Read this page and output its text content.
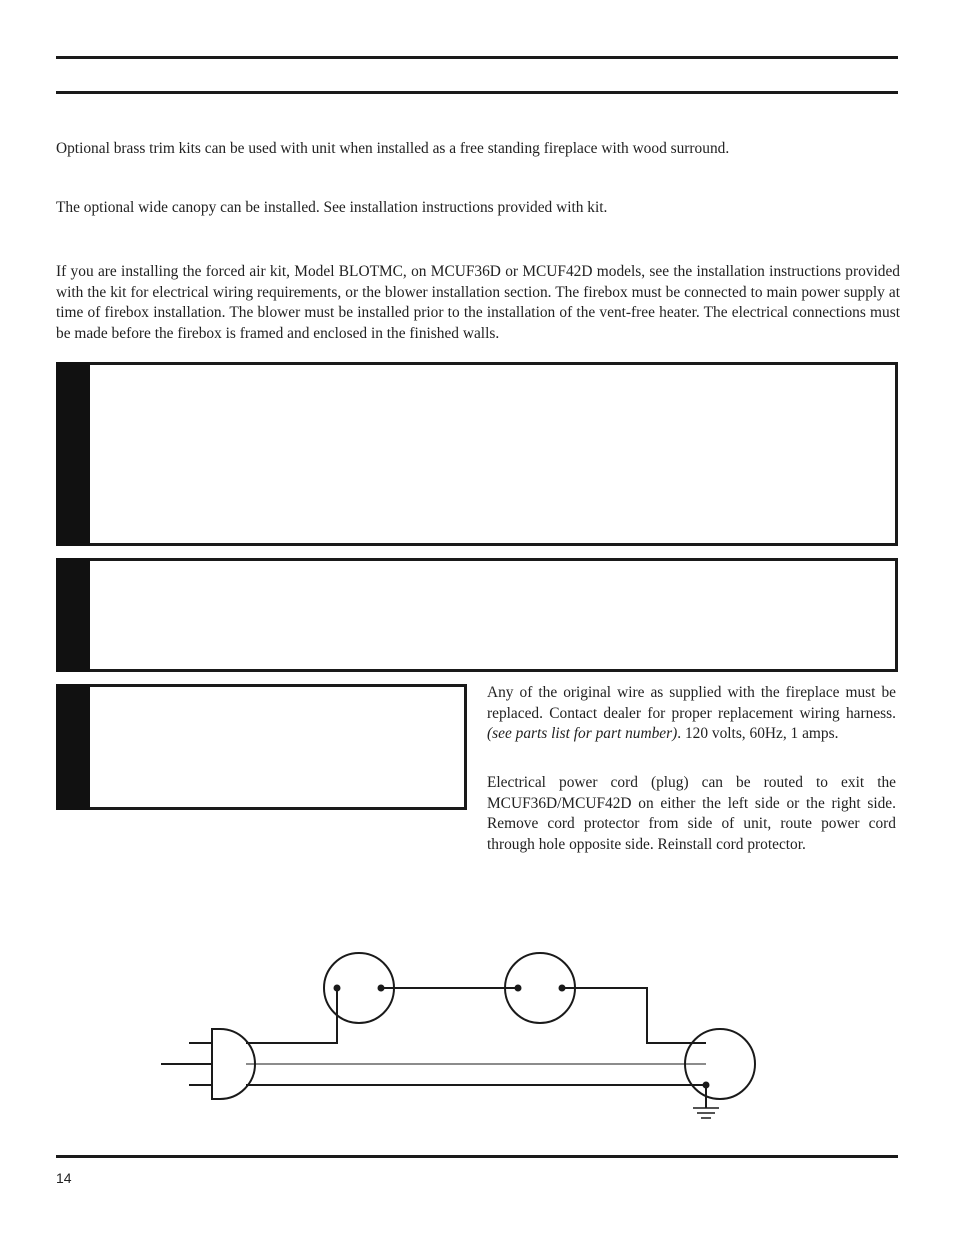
Optional brass trim kits can be used with unit when installed as a free standing fireplace with wood surround.

The optional wide canopy can be installed. See installation instructions provided with kit.

If you are installing the forced air kit, Model BLOTMC, on MCUF36D or MCUF42D models, see the installation instructions provided with the kit for electrical wiring requirements, or the blower installation section. The firebox must be connected to main power supply at time of firebox installation. The blower must be installed prior to the installation of the vent-free heater. The electrical connections must be made before the firebox is framed and enclosed in the finished walls.

Any of the original wire as supplied with the fireplace must be replaced. Contact dealer for proper replacement wiring harness. (see parts list for part number). 120 volts, 60Hz, 1 amps.

Electrical power cord (plug) can be routed to exit the MCUF36D/MCUF42D on either the left side or the right side. Remove cord protector from side of unit, route power cord through hole opposite side. Reinstall cord protector.

14
